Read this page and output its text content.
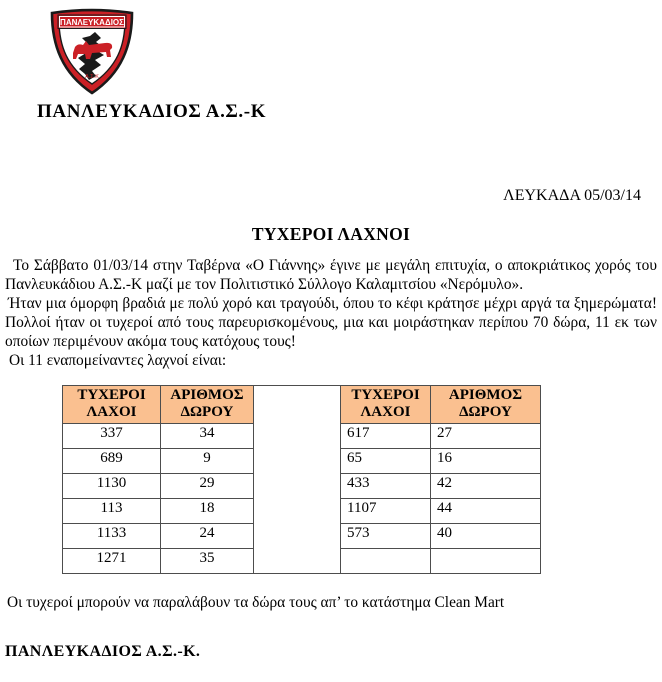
ΠΑΝΛΕΥΚΑΔΙΟΣ
Α.Σ.Κ
ΠΑΝΛΕΥΚΑΔΙΟΣ Α.Σ.-Κ
ΛΕΥΚΑΔΑ 05/03/14
ΤΥΧΕΡΟΙ ΛΑΧΝΟΙ

Το Σάββατο 01/03/14 στην Ταβέρνα «Ο Γιάννης» έγινε με μεγάλη επιτυχία, ο αποκριάτικος χορός του Πανλευκάδιου Α.Σ.-Κ μαζί με τον Πολιτιστικό Σύλλογο Καλαμιτσίου «Νερόμυλο».

Ήταν μια όμορφη βραδιά με πολύ χορό και τραγούδι, όπου το κέφι κράτησε μέχρι αργά τα ξημερώματα! Πολλοί ήταν οι τυχεροί από τους παρευρισκομένους, μια και μοιράστηκαν περίπου 70 δώρα, 11 εκ των οποίων περιμένουν ακόμα τους κατόχους τους!

Οι 11 εναπομείναντες λαχνοί είναι:

ΤΥΧΕΡΟΙ ΛΑΧΟΙ	ΑΡΙΘΜΟΣ ΔΩΡΟΥ		ΤΥΧΕΡΟΙ ΛΑΧΟΙ	ΑΡΙΘΜΟΣ ΔΩΡΟΥ
337	34		617	27
689	9		65	16
1130	29		433	42
113	18		1107	44
1133	24		573	40
1271	35			
Οι τυχεροί μπορούν να παραλάβουν τα δώρα τους απ’ το κατάστημα Clean Mart
ΠΑΝΛΕΥΚΑΔΙΟΣ Α.Σ.-Κ.
